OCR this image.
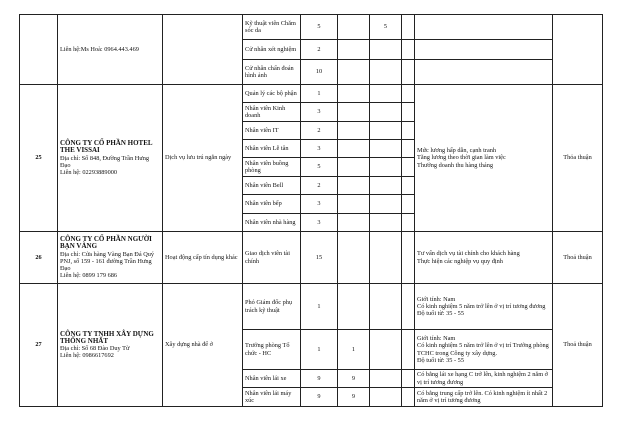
	Liên hệ:Ms Hoà: 0964.443.469		Kỹ thuật viên Chăm sóc da	5		5			
			Cử nhân xét nghiệm	2					
			Cử nhân chẩn đoán hình ảnh	10					
25	CÔNG TY CỔ PHẦN HOTEL THE VISSAI
Địa chỉ: Số 848, Đường Trần Hưng Đạo
Liên hệ: 02293889000	Dịch vụ lưu trú ngắn ngày	Quản lý các bộ phận	1				Mức lương hấp dẫn, cạnh tranh
Tăng lương theo thời gian làm việc
Thưởng doanh thu hàng tháng	Thỏa thuận
			Nhân viên Kinh doanh	3					
			Nhân viên IT	2					
			Nhân viên Lễ tân	3					
			Nhân viên buồng phòng	5					
			Nhân viên Bell	2					
			Nhân viên bếp	3					
			Nhân viên nhà hàng	3					
26	CÔNG TY CỔ PHẦN NGƯỜI BẠN VÀNG
Địa chỉ: Cửa hàng Vàng Bạn Đá Quý PNJ, số 159 - 161 đường Trần Hưng Đạo
Liên hệ: 0899 179 686	Hoạt động cấp tín dụng khác	Giao dịch viên tài chính	15				Tư vấn dịch vụ tài chính cho khách hàng
Thực hiện các nghiệp vụ quy định	Thoả thuận
27	CÔNG TY TNHH XÂY DỰNG THỐNG NHẤT
Địa chỉ: Số 68 Đào Duy Từ
Liên hệ: 0986617692	Xây dựng nhà để ở	Phó Giám đốc phụ trách kỹ thuật	1				Giới tính: Nam
Có kinh nghiệm 5 năm trở lên ở vị trí tương đương Độ tuổi từ: 35 - 55	Thoả thuận
			Trưởng phòng Tổ chức - HC	1	1			Giới tính: Nam
Có kinh nghiệm 5 năm trở lên ở vị trí Trưởng phòng TCHC trong Công ty xây dựng.
Độ tuổi từ: 35 - 55	

			Nhân viên lái xe	9	9			Có bằng lái xe hạng C trở lên, kinh nghiệm 2 năm ở vị trí tương đương	

			Nhân viên lái máy xúc	9	9			Có bằng trung cấp trở lên. Có kinh nghiệm ít nhất 2 năm ở vị trí tương đương	
